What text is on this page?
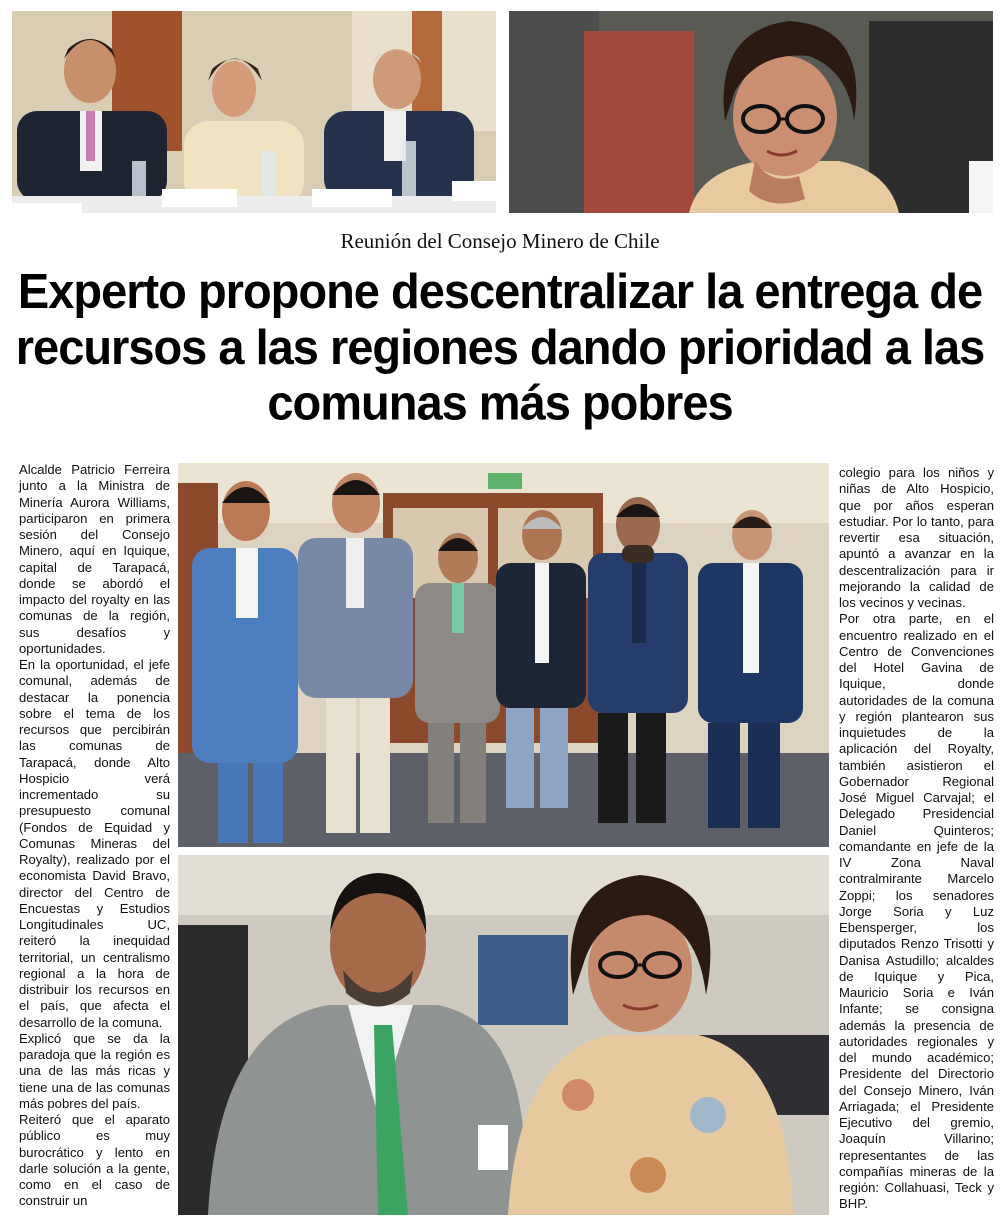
Reunión del Consejo Minero de Chile
Experto propone descentralizar la entrega de recursos a las regiones dando prioridad a las comunas más pobres

Alcalde Patricio Ferreira junto a la Ministra de Minería Aurora Williams, participaron en primera sesión del Consejo Minero, aquí en Iquique, capital de Tarapacá, donde se abordó el impacto del royalty en las comunas de la región, sus desafíos y oportunidades.

En la oportunidad, el jefe comunal, además de destacar la ponencia sobre el tema de los recursos que percibirán las comunas de Tarapacá, donde Alto Hospicio verá incrementado su presupuesto comunal (Fondos de Equidad y Comunas Mineras del Royalty), realizado por el economista David Bravo, director del Centro de Encuestas y Estudios Longitudinales UC, reiteró la inequidad territorial, un centralismo regional a la hora de distribuir los recursos en el país, que afecta el desarrollo de la comuna.

Explicó que se da la paradoja que la región es una de las más ricas y tiene una de las comunas más pobres del país.

Reiteró que el aparato público es muy burocrático y lento en darle solución a la gente, como en el caso de construir un

colegio para los niños y niñas de Alto Hospicio, que por años esperan estudiar. Por lo tanto, para revertir esa situación, apuntó a avanzar en la descentralización para ir mejorando la calidad de los vecinos y vecinas.

Por otra parte, en el encuentro realizado en el Centro de Convenciones del Hotel Gavina de Iquique, donde autoridades de la comuna y región plantearon sus inquietudes de la aplicación del Royalty, también asistieron el Gobernador Regional José Miguel Carvajal; el Delegado Presidencial Daniel Quinteros; comandante en jefe de la IV Zona Naval contralmirante Marcelo Zoppi; los senadores Jorge Soria y Luz Ebensperger, los diputados Renzo Trisotti y Danisa Astudillo; alcaldes de Iquique y Pica, Mauricio Soria e Iván Infante; se consigna además la presencia de autoridades regionales y del mundo académico; Presidente del Directorio del Consejo Minero, Iván Arriagada; el Presidente Ejecutivo del gremio, Joaquín Villarino; representantes de las compañías mineras de la región: Collahuasi, Teck y BHP.
